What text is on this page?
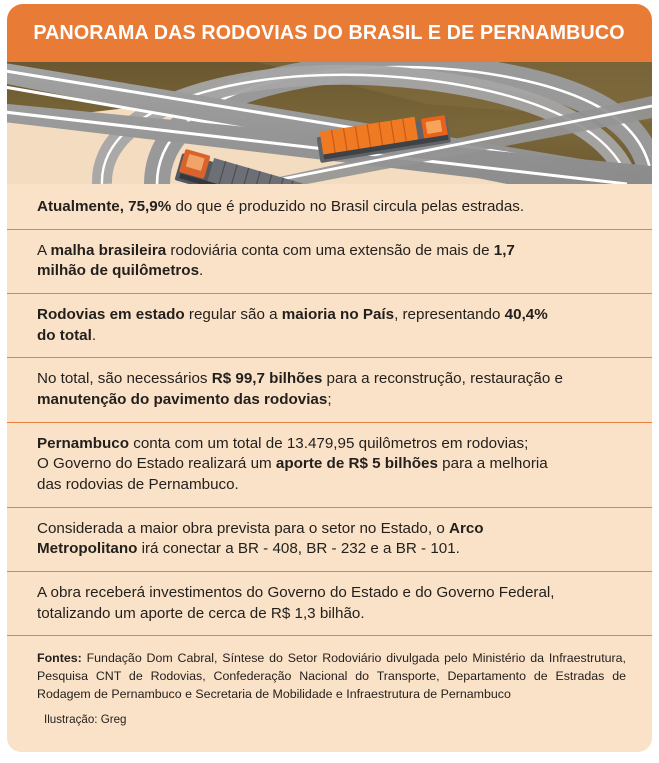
PANORAMA DAS RODOVIAS DO BRASIL E DE PERNAMBUCO
Atualmente, 75,9% do que é produzido no Brasil circula pelas estradas.
A malha brasileira rodoviária conta com uma extensão de mais de 1,7
milhão de quilômetros.
Rodovias em estado regular são a maioria no País, representando 40,4%
do total.
No total, são necessários R$ 99,7 bilhões para a reconstrução, restauração e
manutenção do pavimento das rodovias;
Pernambuco conta com um total de 13.479,95 quilômetros em rodovias;
O Governo do Estado realizará um aporte de R$ 5 bilhões para a melhoria
das rodovias de Pernambuco.
Considerada a maior obra prevista para o setor no Estado, o Arco
Metropolitano irá conectar a BR - 408, BR - 232 e a BR - 101.
A obra receberá investimentos do Governo do Estado e do Governo Federal,
totalizando um aporte de cerca de R$ 1,3 bilhão.
Fontes: Fundação Dom Cabral, Síntese do Setor Rodoviário divulgada pelo Ministério da Infraestrutura, Pesquisa CNT de Rodovias, Confederação Nacional do Transporte, Departamento de Estradas de Rodagem de Pernambuco e Secretaria de Mobilidade e Infraestrutura de Pernambuco
Ilustração: Greg
